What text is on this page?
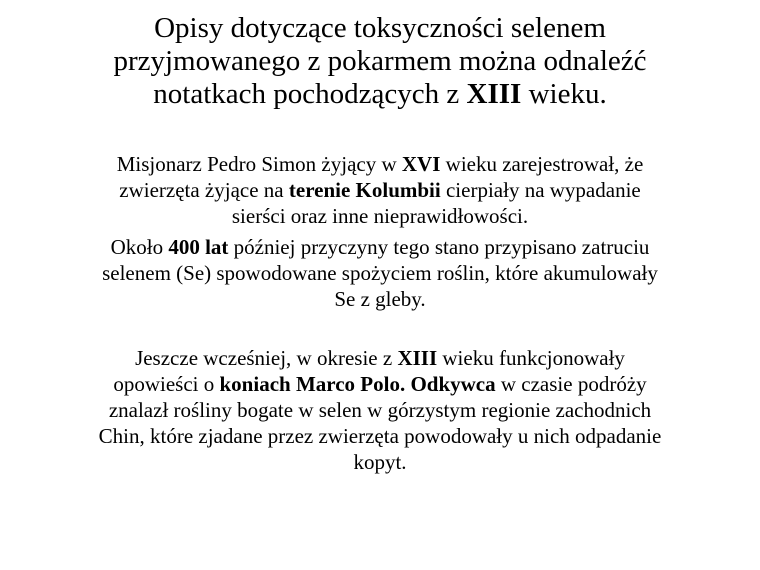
Opisy dotyczące toksyczności selenem
przyjmowanego z pokarmem można odnaleźć
notatkach pochodzących z XIII wieku.

Misjonarz Pedro Simon żyjący w XVI wieku zarejestrował, że
zwierzęta żyjące na terenie Kolumbii cierpiały na wypadanie
sierści oraz inne nieprawidłowości.

Około 400 lat później przyczyny tego stano przypisano zatruciu
selenem (Se) spowodowane spożyciem roślin, które akumulowały
Se z gleby.

Jeszcze wcześniej, w okresie z XIII wieku funkcjonowały
opowieści o koniach Marco Polo. Odkywca w czasie podróży
znalazł rośliny bogate w selen w górzystym regionie zachodnich
Chin, które zjadane przez zwierzęta powodowały u nich odpadanie
kopyt.
